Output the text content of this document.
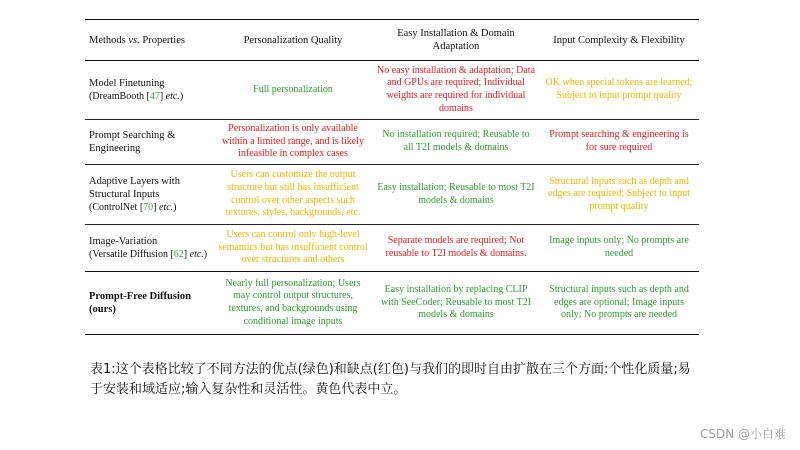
Methods vs. Properties	Personalization Quality	Easy Installation & Domain Adaptation	Input Complexity & Flexibility

Model Finetuning
(DreamBooth [47] etc.)	Full personalization	No easy installation & adaptation; Data and GPUs are required; Individual weights are required for individual domains	OK when special tokens are learned; Subject to input prompt quality

Prompt Searching & Engineering	Personalization is only available within a limited range, and is likely infeasible in complex cases	No installation required; Reusable to all T2I models & domains	Prompt searching & engineering is for sure required

Adaptive Layers with Structural Inputs
(ControlNet [70] etc.)	Users can customize the output structure but still has insufficient control over other aspects such textures, styles, backgrounds, etc.	Easy installation; Reusable to most T2I models & domains	Structural inputs such as depth and edges are required; Subject to input prompt quality

Image-Variation
(Versatile Diffusion [62] etc.)	Users can control only high-level semantics but has insufficient control over structures and others	Separate models are required; Not reusable to T2I models & domains.	Image inputs only; No prompts are needed

Prompt-Free Diffusion
(ours)	Nearly full personalization; Users may control output structures, textures, and backgrounds using conditional image inputs	Easy installation by replacing CLIP with SeeCoder; Reusable to most T2I models & domains	Structural inputs such as depth and edges are optional; Image inputs only; No prompts are needed
表1:这个表格比较了不同方法的优点(绿色)和缺点(红色)与我们的即时自由扩散在三个方面:个性化质量;易于安装和域适应;输入复杂性和灵活性。黄色代表中立。
CSDN @小白难
